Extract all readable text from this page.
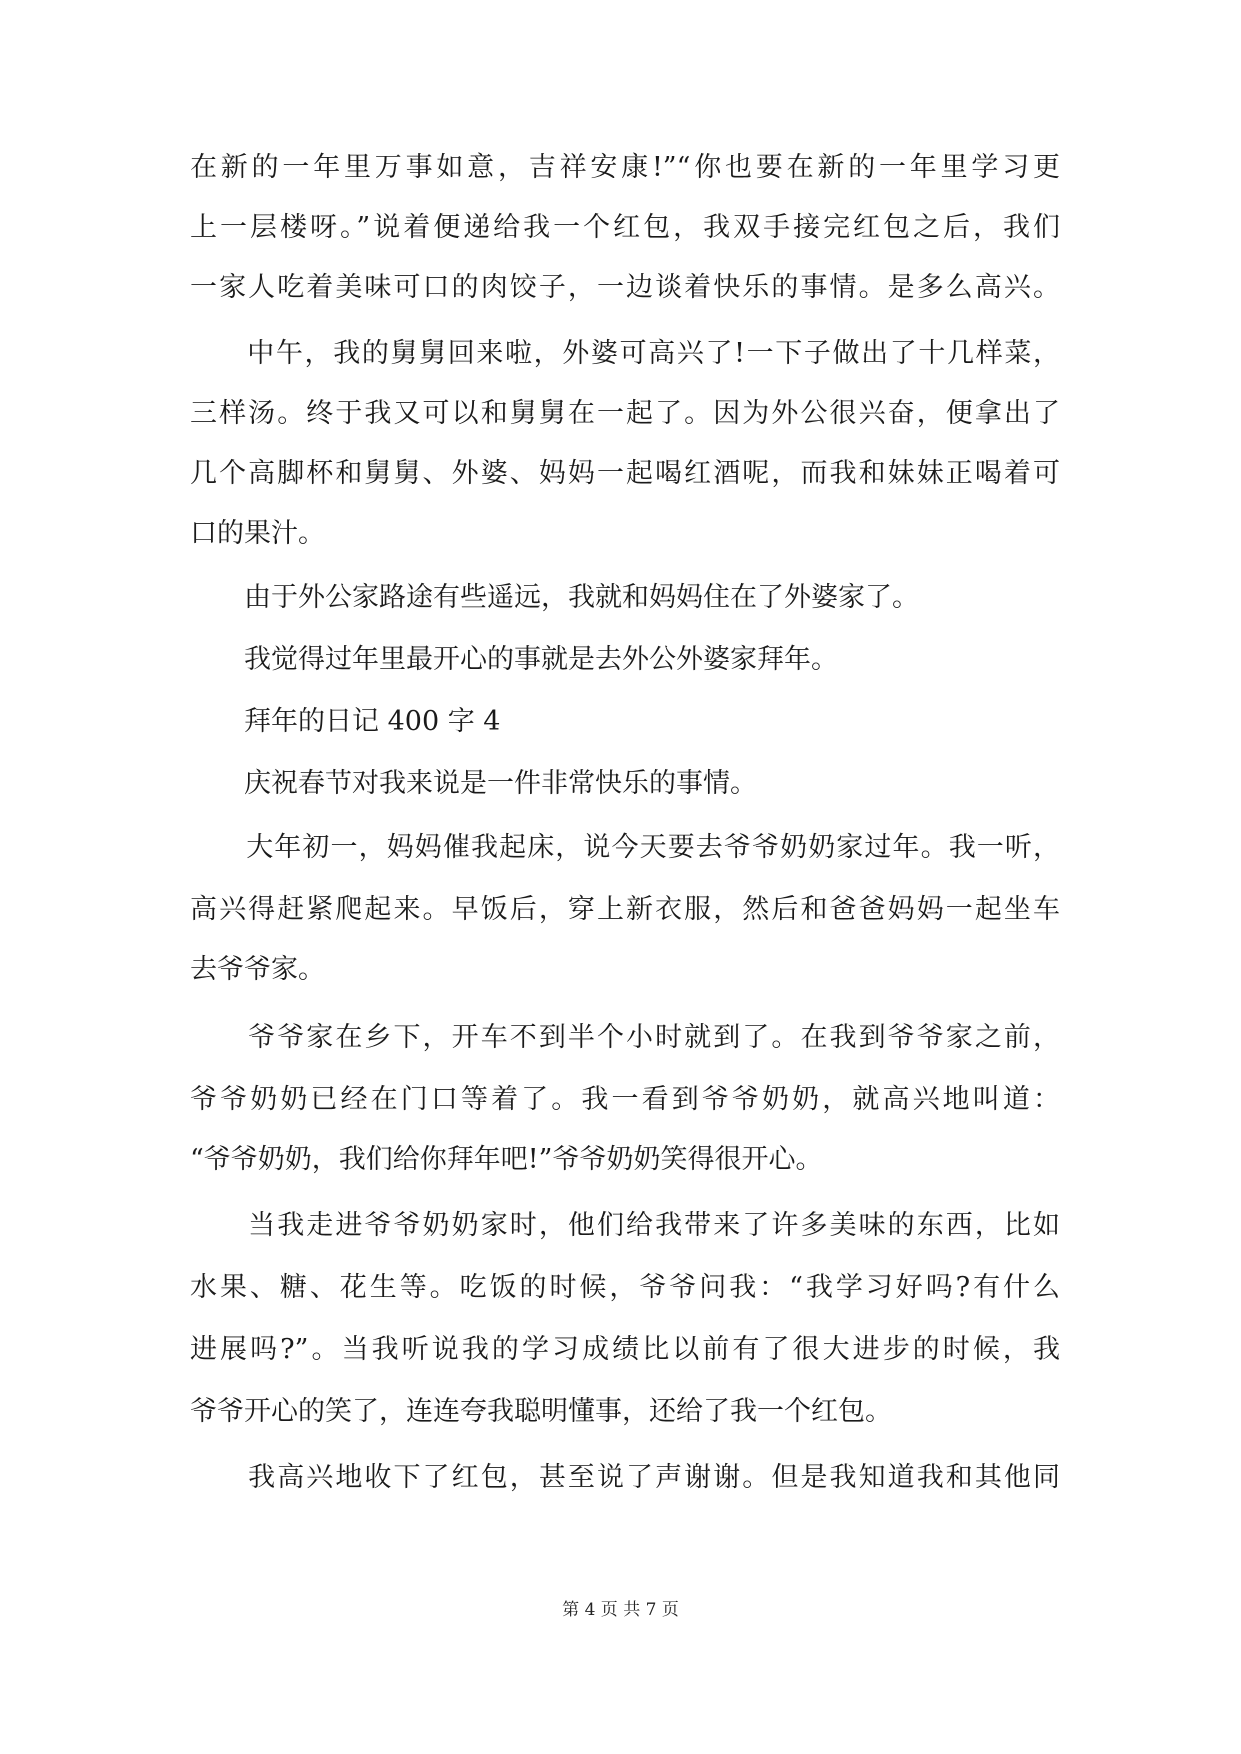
在新的一年里万事如意，吉祥安康!”“你也要在新的一年里学习更
上一层楼呀。”说着便递给我一个红包，我双手接完红包之后，我们
一家人吃着美味可口的肉饺子，一边谈着快乐的事情。是多么高兴。
　　中午，我的舅舅回来啦，外婆可高兴了!一下子做出了十几样菜，
三样汤。终于我又可以和舅舅在一起了。因为外公很兴奋，便拿出了
几个高脚杯和舅舅、外婆、妈妈一起喝红酒呢，而我和妹妹正喝着可
口的果汁。
　　由于外公家路途有些遥远，我就和妈妈住在了外婆家了。
　　我觉得过年里最开心的事就是去外公外婆家拜年。
　　拜年的日记 400 字 4
　　庆祝春节对我来说是一件非常快乐的事情。
　　大年初一，妈妈催我起床，说今天要去爷爷奶奶家过年。我一听，
高兴得赶紧爬起来。早饭后，穿上新衣服，然后和爸爸妈妈一起坐车
去爷爷家。
　　爷爷家在乡下，开车不到半个小时就到了。在我到爷爷家之前，
爷爷奶奶已经在门口等着了。我一看到爷爷奶奶，就高兴地叫道：
“爷爷奶奶，我们给你拜年吧!”爷爷奶奶笑得很开心。
　　当我走进爷爷奶奶家时，他们给我带来了许多美味的东西，比如
水果、糖、花生等。吃饭的时候，爷爷问我：“我学习好吗?有什么
进展吗?”。当我听说我的学习成绩比以前有了很大进步的时候，我
爷爷开心的笑了，连连夸我聪明懂事，还给了我一个红包。
　　我高兴地收下了红包，甚至说了声谢谢。但是我知道我和其他同
第 4 页 共 7 页
